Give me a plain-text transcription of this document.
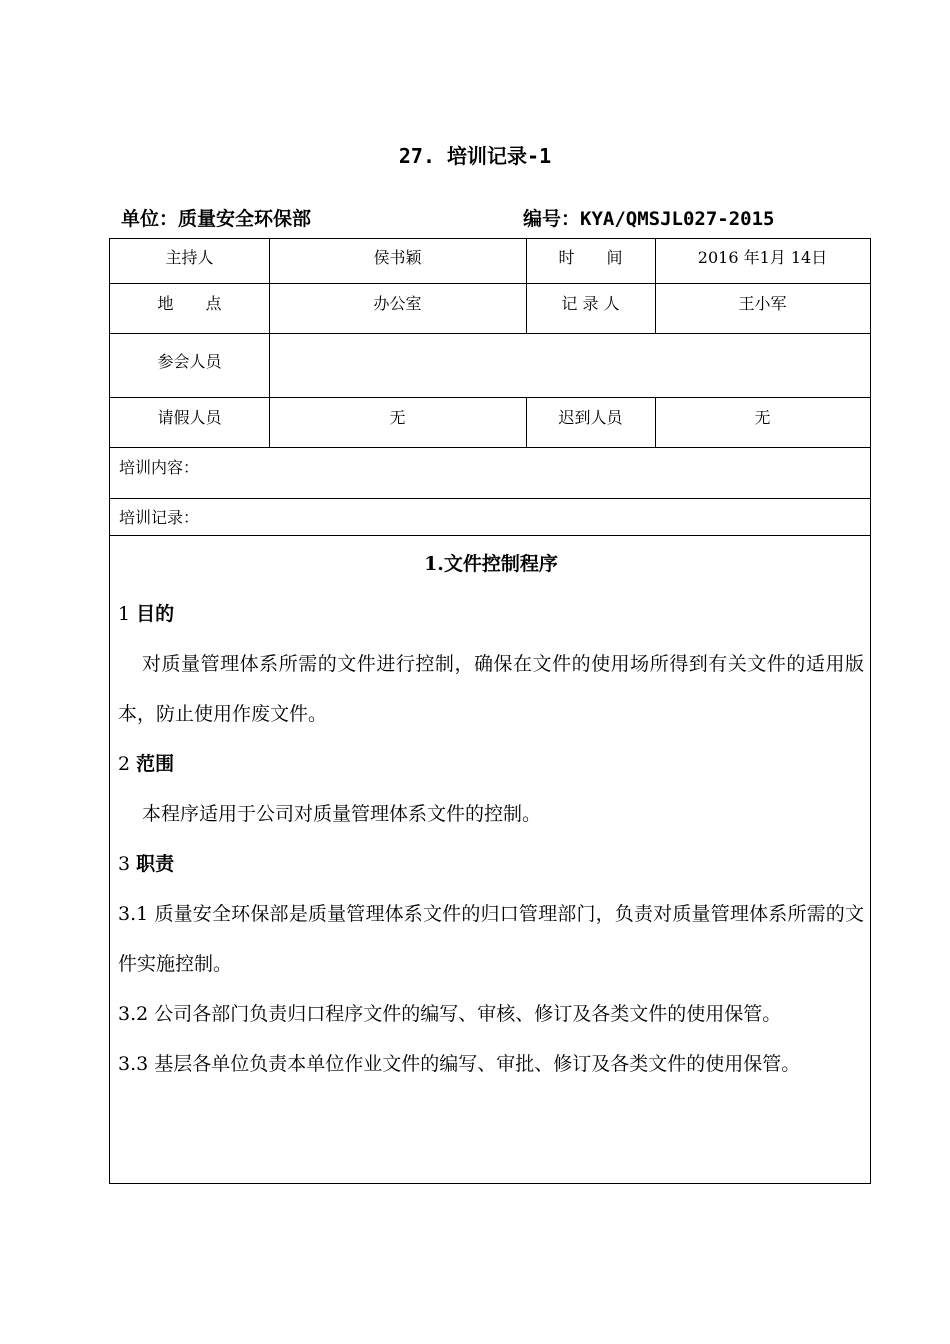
27. 培训记录-1
单位：质量安全环保部	编号：KYA/QMSJL027-2015
主持人	侯书颖	时　　间	2016 年1月 14日
地　　点	办公室	记 录 人	王小军
参会人员
请假人员	无	迟到人员	无
培训内容：
培训记录：

1.文件控制程序

1 目的

对质量管理体系所需的文件进行控制，确保在文件的使用场所得到有关文件的适用版本，防止使用作废文件。

2 范围

本程序适用于公司对质量管理体系文件的控制。

3 职责

3.1 质量安全环保部是质量管理体系文件的归口管理部门，负责对质量管理体系所需的文件实施控制。

3.2 公司各部门负责归口程序文件的编写、审核、修订及各类文件的使用保管。

3.3 基层各单位负责本单位作业文件的编写、审批、修订及各类文件的使用保管。
